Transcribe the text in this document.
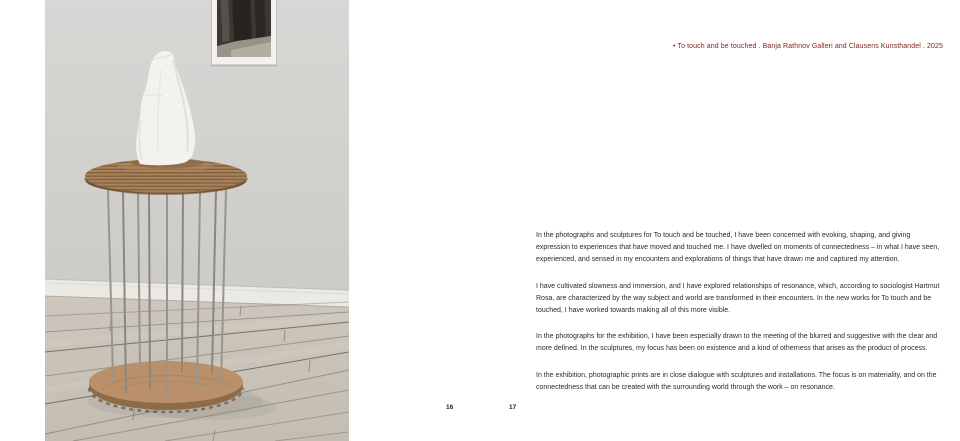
• To touch and be touched . Banja Rathnov Galleri and Clausens Kunsthandel . 2025

In the photographs and sculptures for To touch and be touched, I have been concerned with evoking, shaping, and giving expression to experiences that have moved and touched me. I have dwelled on moments of connectedness – in what I have seen, experienced, and sensed in my encounters and explorations of things that have drawn me and captured my attention.

I have cultivated slowness and immersion, and I have explored relationships of resonance, which, according to sociologist Hartmut Rosa, are characterized by the way subject and world are transformed in their encounters. In the new works for To touch and be touched, I have worked towards making all of this more visible.

In the photographs for the exhibition, I have been especially drawn to the meeting of the blurred and suggestive with the clear and more defined. In the sculptures, my focus has been on existence and a kind of otherness that arises as the product of process.

In the exhibition, photographic prints are in close dialogue with sculptures and installations. The focus is on materiality, and on the connectedness that can be created with the surrounding world through the work – on resonance.

16	17
